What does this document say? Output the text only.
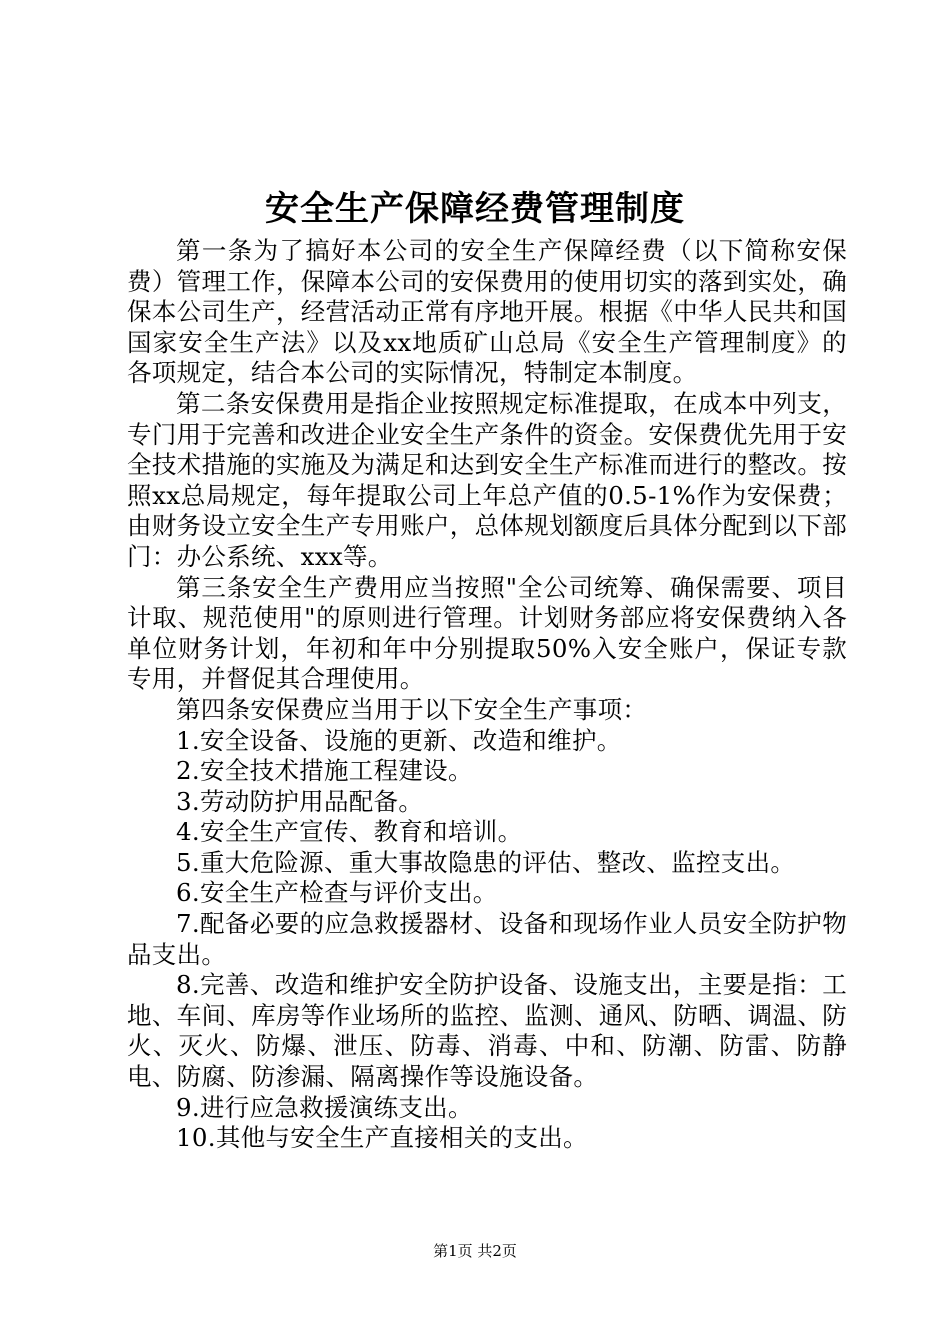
安全生产保障经费管理制度

第一条为了搞好本公司的安全生产保障经费（以下简称安保费）管理工作，保障本公司的安保费用的使用切实的落到实处，确保本公司生产，经营活动正常有序地开展。根据《中华人民共和国国家安全生产法》以及xx地质矿山总局《安全生产管理制度》的各项规定，结合本公司的实际情况，特制定本制度。

第二条安保费用是指企业按照规定标准提取，在成本中列支，专门用于完善和改进企业安全生产条件的资金。安保费优先用于安全技术措施的实施及为满足和达到安全生产标准而进行的整改。按照xx总局规定，每年提取公司上年总产值的0.5-1%作为安保费；由财务设立安全生产专用账户，总体规划额度后具体分配到以下部门：办公系统、xxx等。

第三条安全生产费用应当按照"全公司统筹、确保需要、项目计取、规范使用"的原则进行管理。计划财务部应将安保费纳入各单位财务计划，年初和年中分别提取50%入安全账户，保证专款专用，并督促其合理使用。

第四条安保费应当用于以下安全生产事项：

1.安全设备、设施的更新、改造和维护。

2.安全技术措施工程建设。

3.劳动防护用品配备。

4.安全生产宣传、教育和培训。

5.重大危险源、重大事故隐患的评估、整改、监控支出。

6.安全生产检查与评价支出。

7.配备必要的应急救援器材、设备和现场作业人员安全防护物品支出。

8.完善、改造和维护安全防护设备、设施支出，主要是指：工地、车间、库房等作业场所的监控、监测、通风、防晒、调温、防火、灭火、防爆、泄压、防毒、消毒、中和、防潮、防雷、防静电、防腐、防渗漏、隔离操作等设施设备。

9.进行应急救援演练支出。

10.其他与安全生产直接相关的支出。

第1页 共2页
